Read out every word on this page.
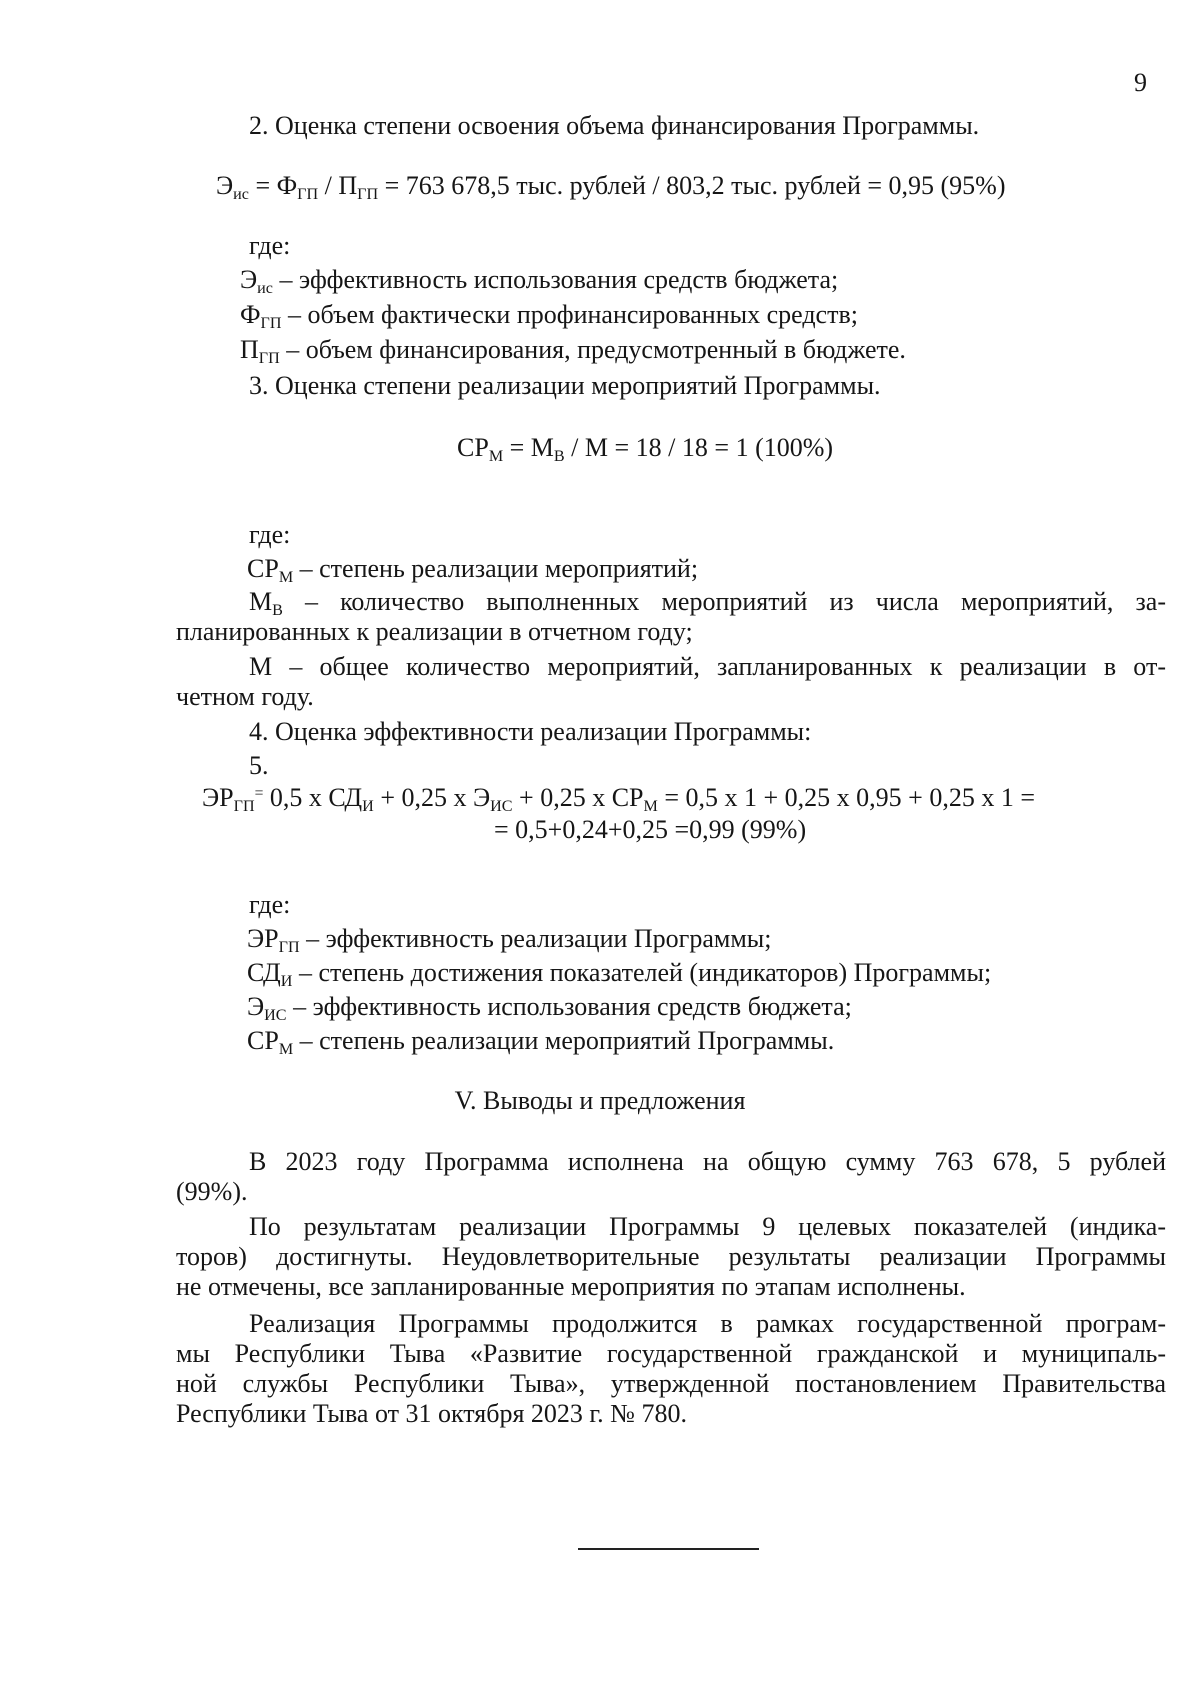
9
2. Оценка степени освоения объема финансирования Программы.
$Э_{ис} = Ф_{ГП} / П_{ГП} = 763$ 678,5 тыс. рублей / 803,2 тыс. рублей = 0,95 (95%)
где:
$Э_{ис}$ – эффективность использования средств бюджета;
$Ф_{ГП}$ – объем фактически профинансированных средств;
$П_{ГП}$ – объем финансирования, предусмотренный в бюджете.
3. Оценка степени реализации мероприятий Программы.
$СР_М = М_В / М = 18 / 18 = 1$ (100%)
где:
$СР_М$ – степень реализации мероприятий;
$М_В$ – количество выполненных мероприятий из числа мероприятий, за-
планированных к реализации в отчетном году;
М – общее количество мероприятий, запланированных к реализации в от-
четном году.
4. Оценка эффективности реализации Программы:
5.
$ЭР_{ГП}^=$ 0,5 х $СД_И + 0,25$ х $Э_{ИС} + 0,25$ х $СР_М = 0,5$ х 1 + 0,25 х 0,95 + 0,25 х 1 =
= 0,5+0,24+0,25 =0,99 (99%)
где:
$ЭР_{ГП}$ – эффективность реализации Программы;
$СД_И$ – степень достижения показателей (индикаторов) Программы;
$Э_{ИС}$ – эффективность использования средств бюджета;
$СР_М$ – степень реализации мероприятий Программы.
V. Выводы и предложения
В 2023 году Программа исполнена на общую сумму 763 678, 5 рублей
(99%).
По результатам реализации Программы 9 целевых показателей (индика-
торов) достигнуты. Неудовлетворительные результаты реализации Программы
не отмечены, все запланированные мероприятия по этапам исполнены.
Реализация Программы продолжится в рамках государственной програм-
мы Республики Тыва «Развитие государственной гражданской и муниципаль-
ной службы Республики Тыва», утвержденной постановлением Правительства
Республики Тыва от 31 октября 2023 г. № 780.
